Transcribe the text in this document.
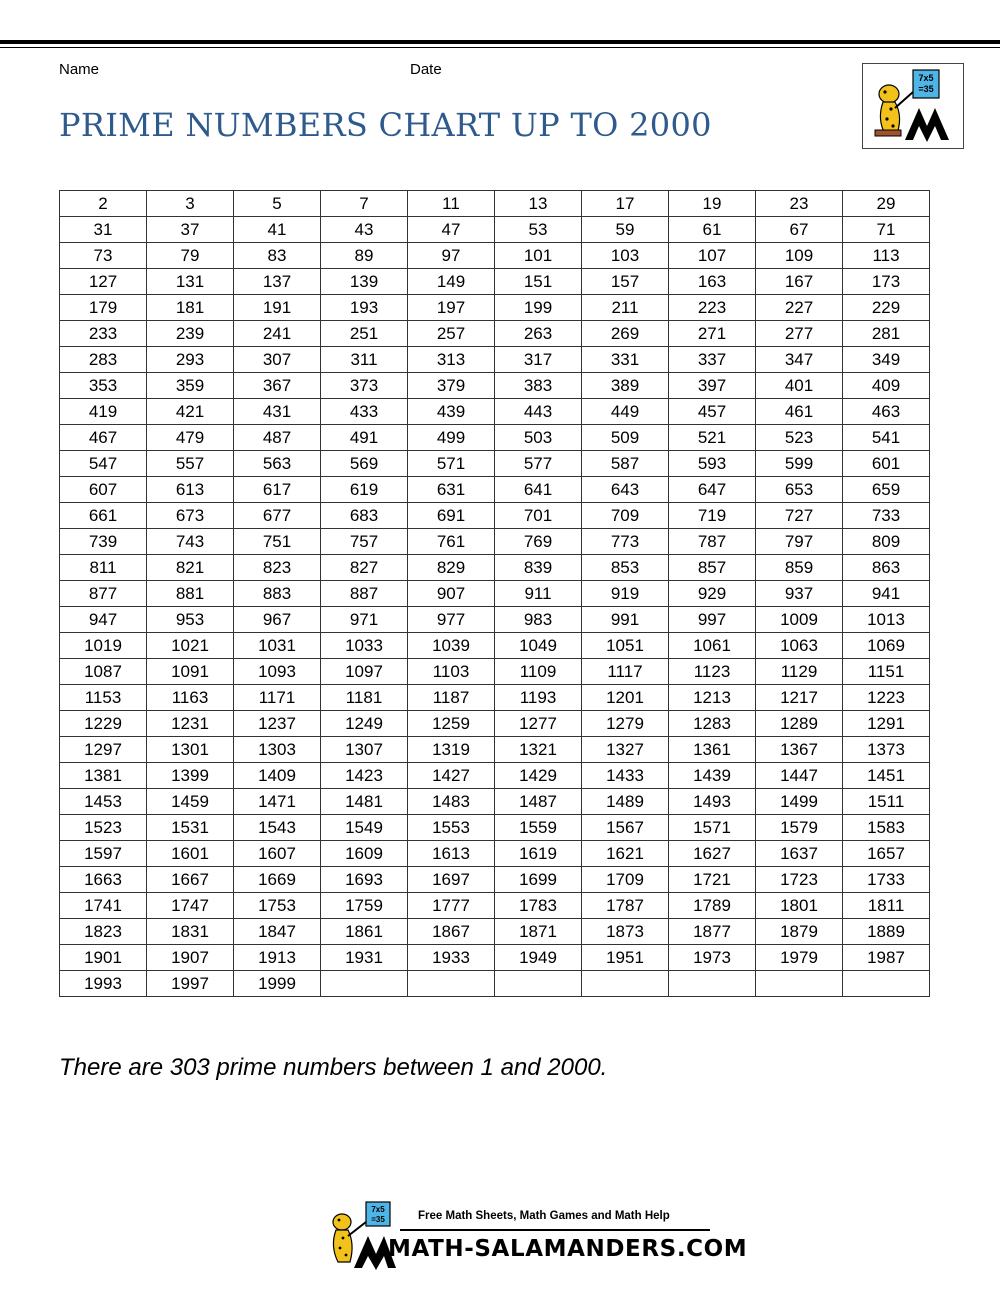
Name	Date
PRIME NUMBERS CHART UP TO 2000
7x5
=35
2	3	5	7	11	13	17	19	23	29
31	37	41	43	47	53	59	61	67	71
73	79	83	89	97	101	103	107	109	113
127	131	137	139	149	151	157	163	167	173
179	181	191	193	197	199	211	223	227	229
233	239	241	251	257	263	269	271	277	281
283	293	307	311	313	317	331	337	347	349
353	359	367	373	379	383	389	397	401	409
419	421	431	433	439	443	449	457	461	463
467	479	487	491	499	503	509	521	523	541
547	557	563	569	571	577	587	593	599	601
607	613	617	619	631	641	643	647	653	659
661	673	677	683	691	701	709	719	727	733
739	743	751	757	761	769	773	787	797	809
811	821	823	827	829	839	853	857	859	863
877	881	883	887	907	911	919	929	937	941
947	953	967	971	977	983	991	997	1009	1013
1019	1021	1031	1033	1039	1049	1051	1061	1063	1069
1087	1091	1093	1097	1103	1109	1117	1123	1129	1151
1153	1163	1171	1181	1187	1193	1201	1213	1217	1223
1229	1231	1237	1249	1259	1277	1279	1283	1289	1291
1297	1301	1303	1307	1319	1321	1327	1361	1367	1373
1381	1399	1409	1423	1427	1429	1433	1439	1447	1451
1453	1459	1471	1481	1483	1487	1489	1493	1499	1511
1523	1531	1543	1549	1553	1559	1567	1571	1579	1583
1597	1601	1607	1609	1613	1619	1621	1627	1637	1657
1663	1667	1669	1693	1697	1699	1709	1721	1723	1733
1741	1747	1753	1759	1777	1783	1787	1789	1801	1811
1823	1831	1847	1861	1867	1871	1873	1877	1879	1889
1901	1907	1913	1931	1933	1949	1951	1973	1979	1987
1993	1997	1999							
There are 303 prime numbers between 1 and 2000.
7x5
=35	Free Math Sheets, Math Games and Math Help
MATH-SALAMANDERS.COM
